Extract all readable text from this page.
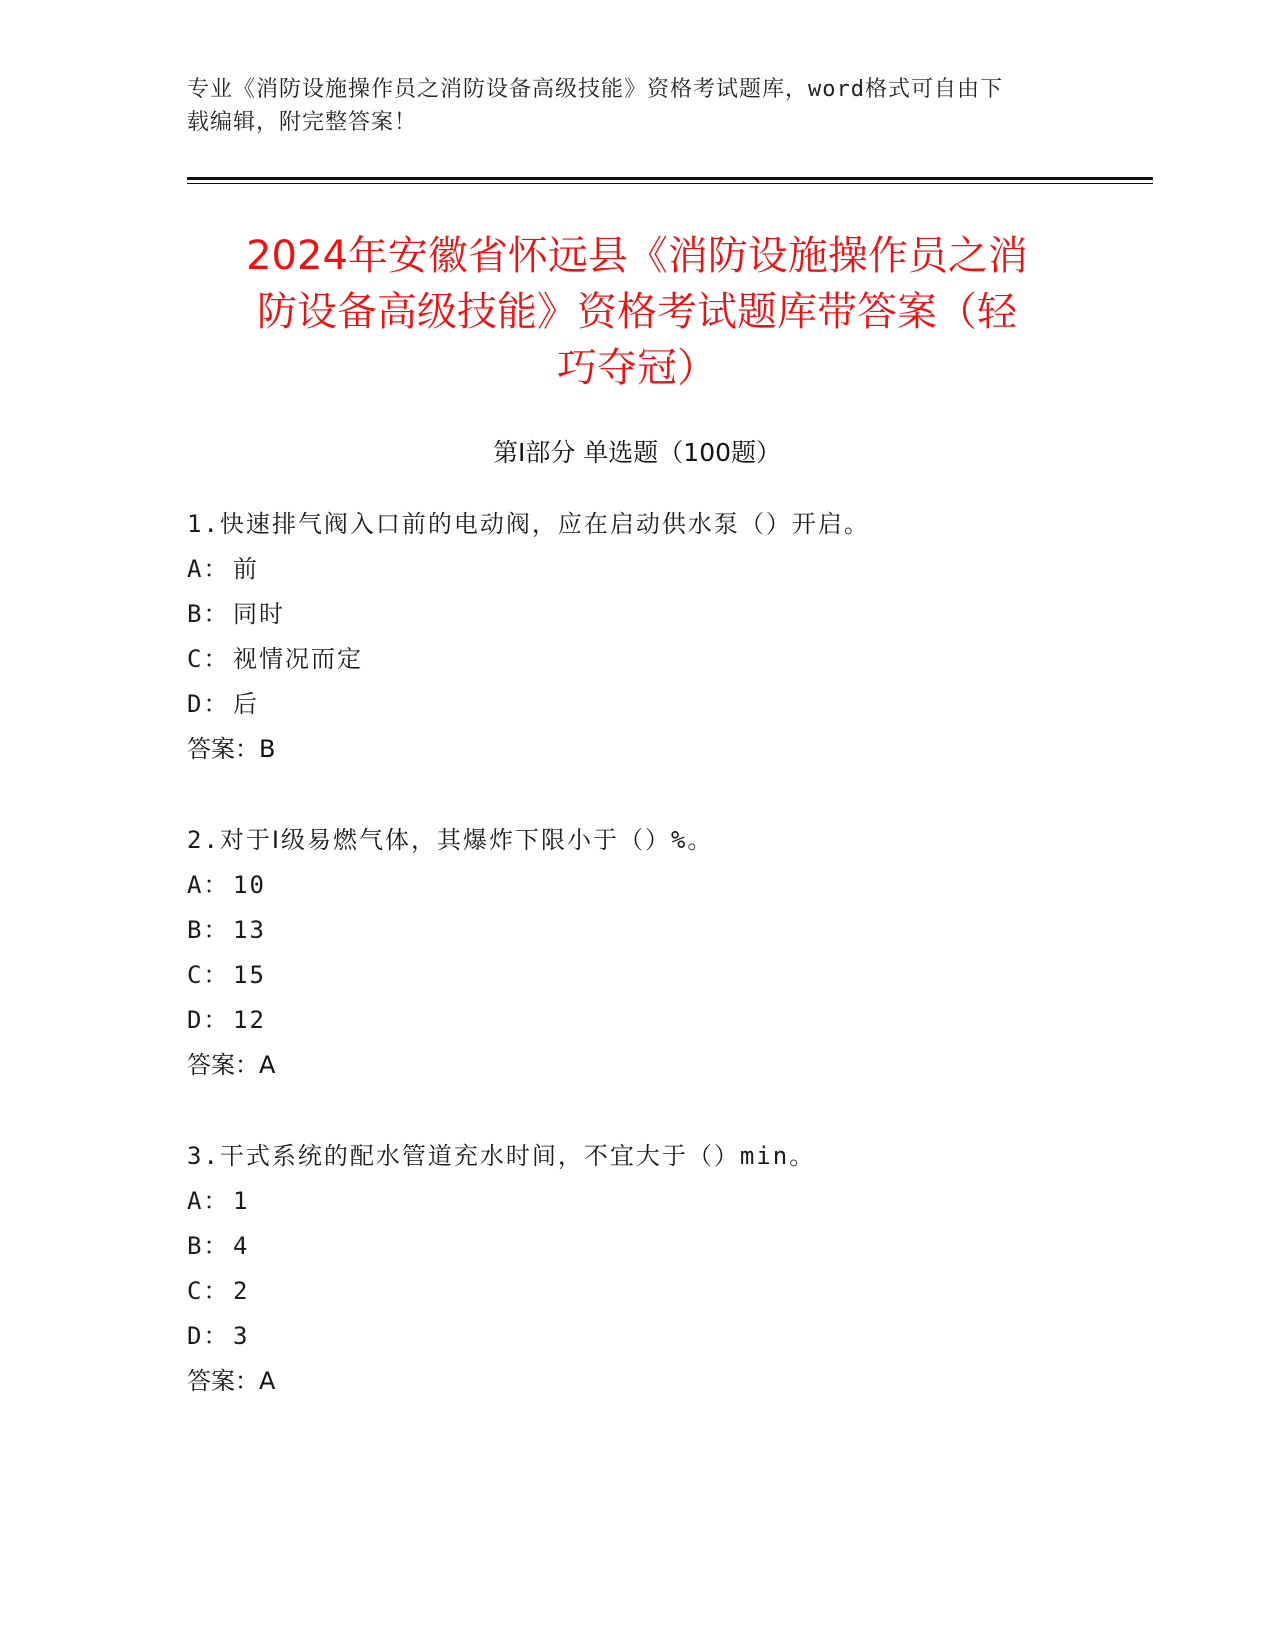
专业《消防设施操作员之消防设备高级技能》资格考试题库，word格式可自由下
载编辑，附完整答案！
2024年安徽省怀远县《消防设施操作员之消
防设备高级技能》资格考试题库带答案（轻
巧夺冠）
第Ⅰ部分 单选题（100题）
1.快速排气阀入口前的电动阀，应在启动供水泵（）开启。
A： 前
B： 同时
C： 视情况而定
D： 后
答案：B
2.对于Ⅰ级易燃气体，其爆炸下限小于（）%。
A： 10
B： 13
C： 15
D： 12
答案：A
3.干式系统的配水管道充水时间，不宜大于（）min。
A： 1
B： 4
C： 2
D： 3
答案：A
